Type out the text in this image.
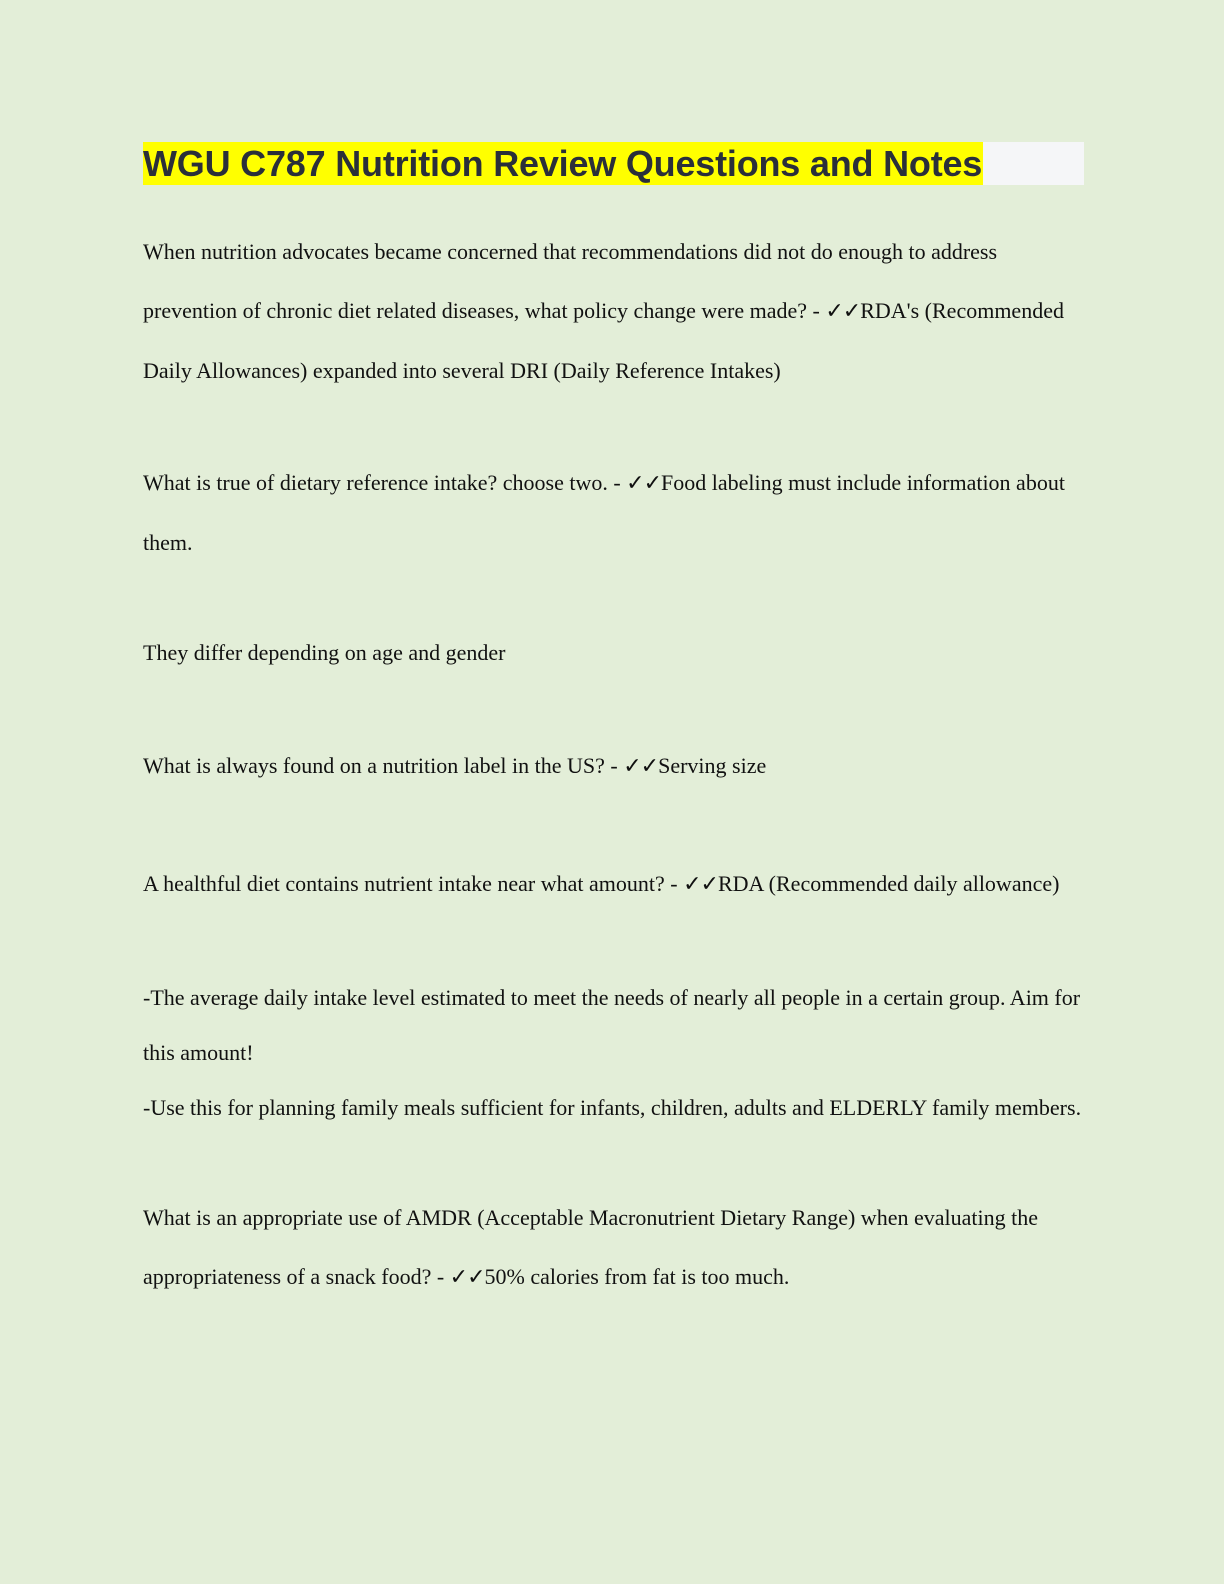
WGU C787 Nutrition Review Questions and Notes

When nutrition advocates became concerned that recommendations did not do enough to address prevention of chronic diet related diseases, what policy change were made? - ✓✓RDA's (Recommended Daily Allowances) expanded into several DRI (Daily Reference Intakes)

What is true of dietary reference intake? choose two. - ✓✓Food labeling must include information about them.

They differ depending on age and gender

What is always found on a nutrition label in the US? - ✓✓Serving size

A healthful diet contains nutrient intake near what amount? - ✓✓RDA (Recommended daily allowance)

-The average daily intake level estimated to meet the needs of nearly all people in a certain group. Aim for this amount!

-Use this for planning family meals sufficient for infants, children, adults and ELDERLY family members.

What is an appropriate use of AMDR (Acceptable Macronutrient Dietary Range) when evaluating the appropriateness of a snack food? - ✓✓50% calories from fat is too much.
